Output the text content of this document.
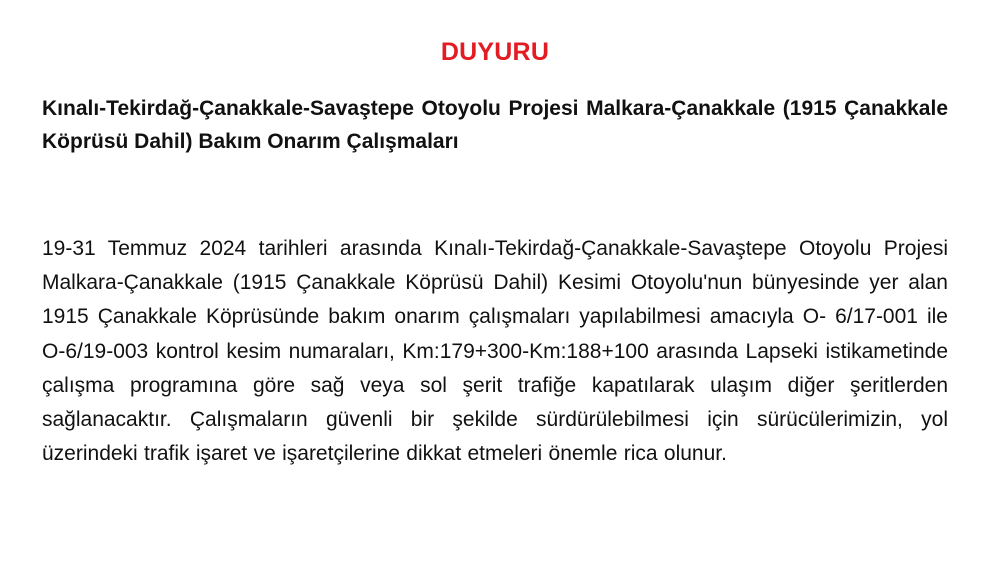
DUYURU
Kınalı-Tekirdağ-Çanakkale-Savaştepe Otoyolu Projesi Malkara-Çanakkale (1915 Çanakkale Köprüsü Dahil) Bakım Onarım Çalışmaları
19-31 Temmuz 2024 tarihleri arasında Kınalı-Tekirdağ-Çanakkale-Savaştepe Otoyolu Projesi Malkara-Çanakkale (1915 Çanakkale Köprüsü Dahil) Kesimi Otoyolu'nun bünyesinde yer alan 1915 Çanakkale Köprüsünde bakım onarım çalışmaları yapılabilmesi amacıyla O- 6/17-001 ile O-6/19-003 kontrol kesim numaraları, Km:179+300-Km:188+100 arasında Lapseki istikametinde çalışma programına göre sağ veya sol şerit trafiğe kapatılarak ulaşım diğer şeritlerden sağlanacaktır. Çalışmaların güvenli bir şekilde sürdürülebilmesi için sürücülerimizin, yol üzerindeki trafik işaret ve işaretçilerine dikkat etmeleri önemle rica olunur.
